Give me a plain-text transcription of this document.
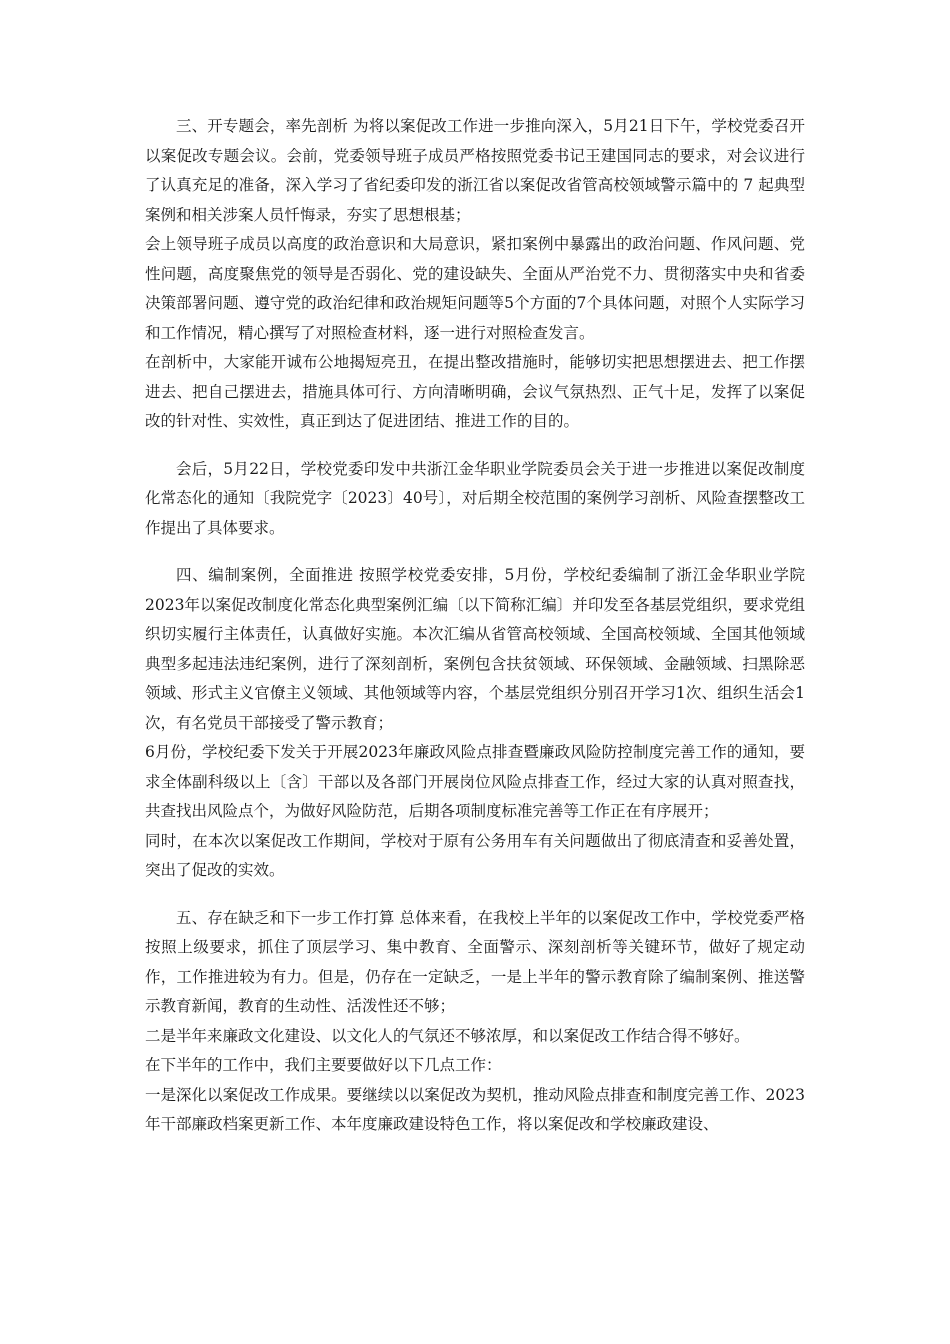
三、开专题会，率先剖析 为将以案促改工作进一步推向深入，5月21日下午，学校党委召开以案促改专题会议。会前，党委领导班子成员严格按照党委书记王建国同志的要求，对会议进行了认真充足的准备，深入学习了省纪委印发的浙江省以案促改省管高校领域警示篇中的 7 起典型案例和相关涉案人员忏悔录，夯实了思想根基；

会上领导班子成员以高度的政治意识和大局意识，紧扣案例中暴露出的政治问题、作风问题、党性问题，高度聚焦党的领导是否弱化、党的建设缺失、全面从严治党不力、贯彻落实中央和省委决策部署问题、遵守党的政治纪律和政治规矩问题等5个方面的7个具体问题，对照个人实际学习和工作情况，精心撰写了对照检查材料，逐一进行对照检查发言。

在剖析中，大家能开诚布公地揭短亮丑，在提出整改措施时，能够切实把思想摆进去、把工作摆进去、把自己摆进去，措施具体可行、方向清晰明确，会议气氛热烈、正气十足，发挥了以案促改的针对性、实效性，真正到达了促进团结、推进工作的目的。

会后，5月22日，学校党委印发中共浙江金华职业学院委员会关于进一步推进以案促改制度化常态化的通知〔我院党字〔2023〕40号〕，对后期全校范围的案例学习剖析、风险查摆整改工作提出了具体要求。

四、编制案例，全面推进 按照学校党委安排，5月份，学校纪委编制了浙江金华职业学院2023年以案促改制度化常态化典型案例汇编〔以下简称汇编〕并印发至各基层党组织，要求党组织切实履行主体责任，认真做好实施。本次汇编从省管高校领域、全国高校领域、全国其他领域典型多起违法违纪案例，进行了深刻剖析，案例包含扶贫领域、环保领域、金融领域、扫黑除恶领域、形式主义官僚主义领域、其他领域等内容，个基层党组织分别召开学习1次、组织生活会1次，有名党员干部接受了警示教育；

6月份，学校纪委下发关于开展2023年廉政风险点排查暨廉政风险防控制度完善工作的通知，要求全体副科级以上〔含〕干部以及各部门开展岗位风险点排查工作，经过大家的认真对照查找，共查找出风险点个，为做好风险防范，后期各项制度标准完善等工作正在有序展开；

同时，在本次以案促改工作期间，学校对于原有公务用车有关问题做出了彻底清查和妥善处置，突出了促改的实效。

五、存在缺乏和下一步工作打算 总体来看，在我校上半年的以案促改工作中，学校党委严格按照上级要求，抓住了顶层学习、集中教育、全面警示、深刻剖析等关键环节，做好了规定动作，工作推进较为有力。但是，仍存在一定缺乏，一是上半年的警示教育除了编制案例、推送警示教育新闻，教育的生动性、活泼性还不够；

二是半年来廉政文化建设、以文化人的气氛还不够浓厚，和以案促改工作结合得不够好。

在下半年的工作中，我们主要要做好以下几点工作：

一是深化以案促改工作成果。要继续以以案促改为契机，推动风险点排查和制度完善工作、2023年干部廉政档案更新工作、本年度廉政建设特色工作，将以案促改和学校廉政建设、
